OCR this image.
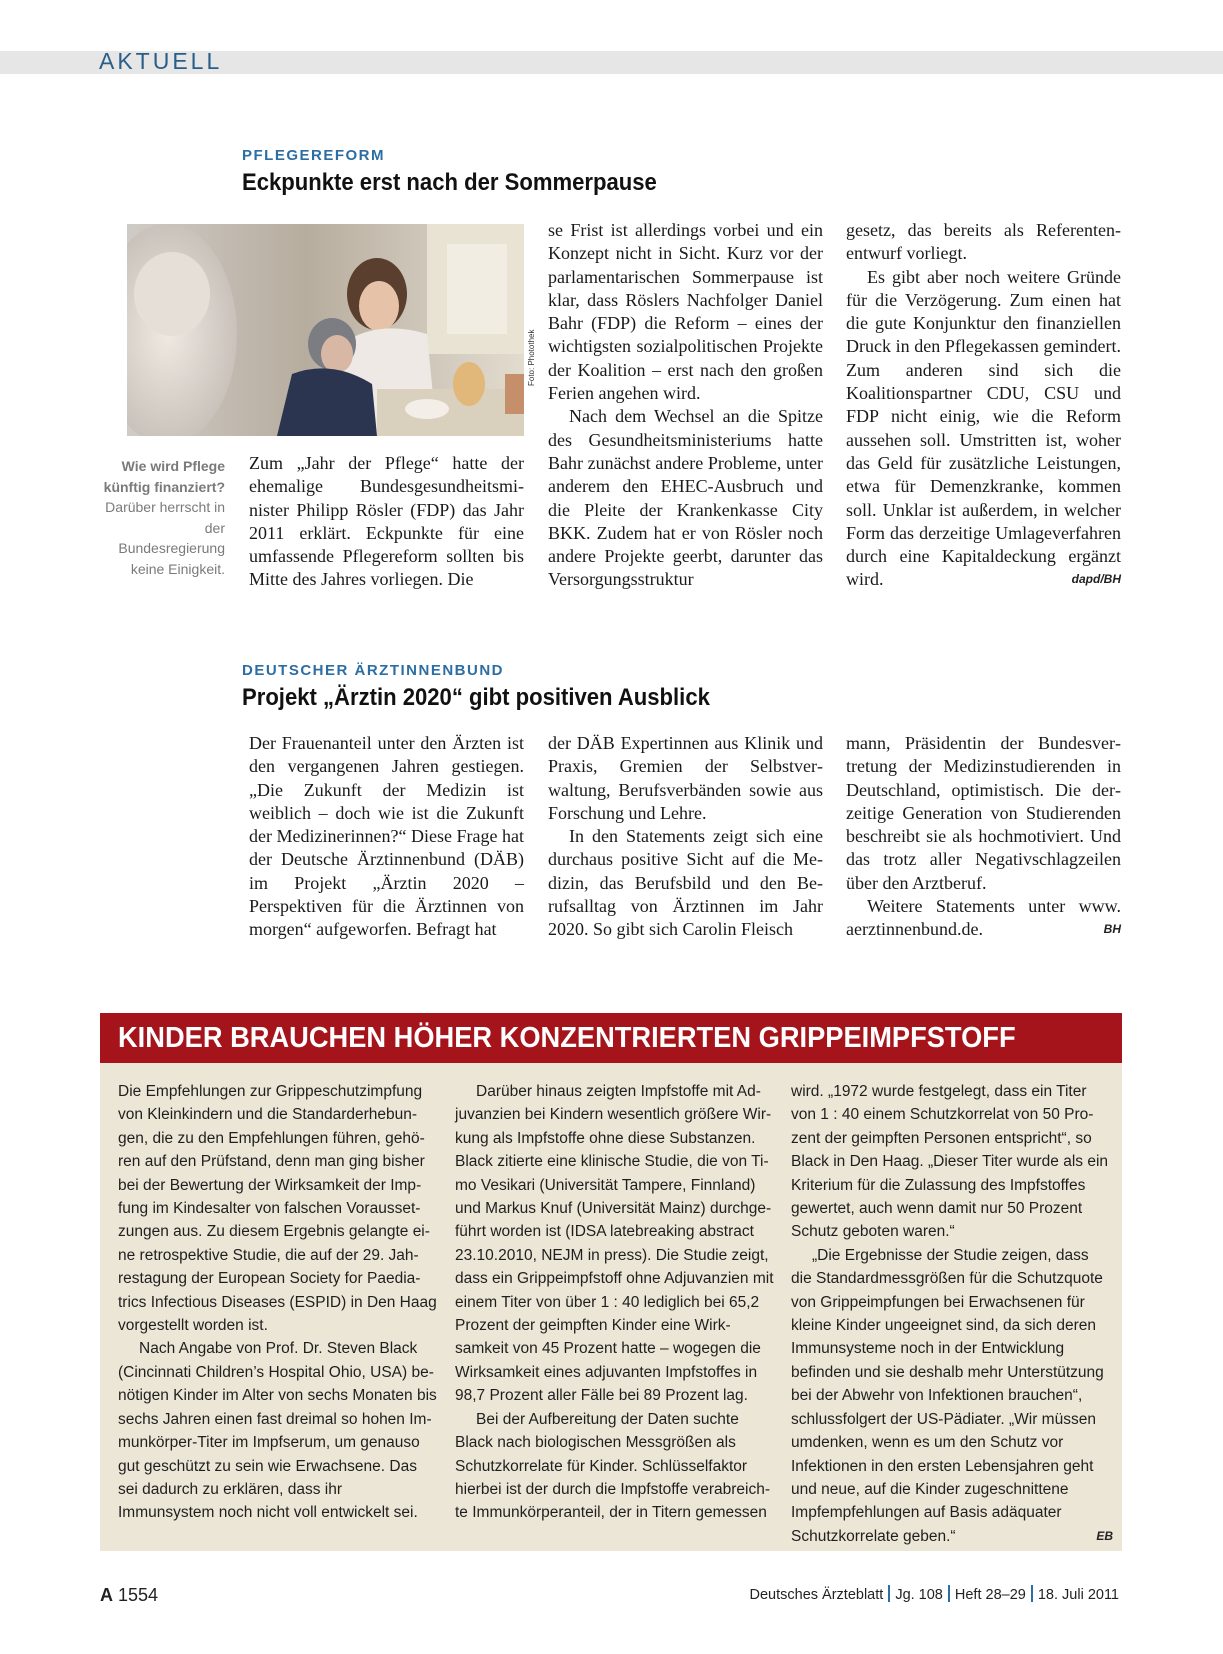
AKTUELL
PFLEGEREFORM
Eckpunkte erst nach der Sommerpause
Foto: Photothek
Wie wird Pflege künftig finanziert? Darüber herrscht in der Bundesregierung keine Einigkeit.

Zum „Jahr der Pflege“ hatte der ehemalige Bundesgesundheitsminister Philipp Rösler (FDP) das Jahr 2011 erklärt. Eckpunkte für eine umfassende Pflegereform sollten bis Mitte des Jahres vorliegen. Die

se Frist ist allerdings vorbei und ein Konzept nicht in Sicht. Kurz vor der parlamentarischen Sommerpause ist klar, dass Röslers Nachfolger Daniel Bahr (FDP) die Reform – eines der wichtigsten sozialpolitischen Projekte der Koalition – erst nach den großen Ferien angehen wird.

Nach dem Wechsel an die Spitze des Gesundheitsministeriums hatte Bahr zunächst andere Probleme, unter anderem den EHEC-Ausbruch und die Pleite der Krankenkasse City BKK. Zudem hat er von Rösler noch andere Projekte geerbt, darunter das Versorgungsstruktur

gesetz, das bereits als Referentenentwurf vorliegt.

Es gibt aber noch weitere Gründe für die Verzögerung. Zum einen hat die gute Konjunktur den finanziellen Druck in den Pflegekassen gemindert. Zum anderen sind sich die Koalitionspartner CDU, CSU und FDP nicht einig, wie die Reform aussehen soll. Umstritten ist, woher das Geld für zusätzliche Leistungen, etwa für Demenzkranke, kommen soll. Unklar ist außerdem, in welcher Form das derzeitige Umlageverfahren durch eine Kapitaldeckung ergänzt wird.	dapd/BH

DEUTSCHER ÄRZTINNENBUND
Projekt „Ärztin 2020“ gibt positiven Ausblick

Der Frauenanteil unter den Ärzten ist den vergangenen Jahren gestiegen. „Die Zukunft der Medizin ist weiblich – doch wie ist die Zukunft der Medizinerinnen?“ Diese Frage hat der Deutsche Ärztinnenbund (DÄB) im Projekt „Ärztin 2020 – Perspektiven für die Ärztinnen von morgen“ aufgeworfen. Befragt hat

der DÄB Expertinnen aus Klinik und Praxis, Gremien der Selbstverwaltung, Berufsverbänden sowie aus Forschung und Lehre.

In den Statements zeigt sich eine durchaus positive Sicht auf die Medizin, das Berufsbild und den Berufsalltag von Ärztinnen im Jahr 2020. So gibt sich Carolin Fleisch

mann, Präsidentin der Bundesvertretung der Medizinstudierenden in Deutschland, optimistisch. Die derzeitige Generation von Studierenden beschreibt sie als hochmotiviert. Und das trotz aller Negativschlagzeilen über den Arztberuf.

Weitere Statements unter www. aerztinnenbund.de.	BH

KINDER BRAUCHEN HÖHER KONZENTRIERTEN GRIPPEIMPFSTOFF

Die Empfehlungen zur Grippeschutzimpfung von Kleinkindern und die Standarderhebungen, die zu den Empfehlungen führen, gehören auf den Prüfstand, denn man ging bisher bei der Bewertung der Wirksamkeit der Impfung im Kindesalter von falschen Voraussetzungen aus. Zu diesem Ergebnis gelangte eine retrospektive Studie, die auf der 29. Jahrestagung der European Society for Paediatrics Infectious Diseases (ESPID) in Den Haag vorgestellt worden ist.

Nach Angabe von Prof. Dr. Steven Black (Cincinnati Children’s Hospital Ohio, USA) benötigen Kinder im Alter von sechs Monaten bis sechs Jahren einen fast dreimal so hohen Immunkörper-Titer im Impfserum, um genauso gut geschützt zu sein wie Erwachsene. Das sei dadurch zu erklären, dass ihr Immunsystem noch nicht voll entwickelt sei.

Darüber hinaus zeigten Impfstoffe mit Adjuvanzien bei Kindern wesentlich größere Wirkung als Impfstoffe ohne diese Substanzen. Black zitierte eine klinische Studie, die von Timo Vesikari (Universität Tampere, Finnland) und Markus Knuf (Universität Mainz) durchgeführt worden ist (IDSA latebreaking abstract 23.10.2010, NEJM in press). Die Studie zeigt, dass ein Grippeimpfstoff ohne Adjuvanzien mit einem Titer von über 1 : 40 lediglich bei 65,2 Prozent der geimpften Kinder eine Wirksamkeit von 45 Prozent hatte – wogegen die Wirksamkeit eines adjuvanten Impfstoffes in 98,7 Prozent aller Fälle bei 89 Prozent lag.

Bei der Aufbereitung der Daten suchte Black nach biologischen Messgrößen als Schutzkorrelate für Kinder. Schlüsselfaktor hierbei ist der durch die Impfstoffe verabreichte Immunkörperanteil, der in Titern gemessen

wird. „1972 wurde festgelegt, dass ein Titer von 1 : 40 einem Schutzkorrelat von 50 Prozent der geimpften Personen entspricht“, so Black in Den Haag. „Dieser Titer wurde als ein Kriterium für die Zulassung des Impfstoffes gewertet, auch wenn damit nur 50 Prozent Schutz geboten waren.“

„Die Ergebnisse der Studie zeigen, dass die Standardmessgrößen für die Schutzquote von Grippeimpfungen bei Erwachsenen für kleine Kinder ungeeignet sind, da sich deren Immunsysteme noch in der Entwicklung befinden und sie deshalb mehr Unterstützung bei der Abwehr von Infektionen brauchen“, schlussfolgert der US-Pädiater. „Wir müssen umdenken, wenn es um den Schutz vor Infektionen in den ersten Lebensjahren geht und neue, auf die Kinder zugeschnittene Impfempfehlungen auf Basis adäquater Schutzkorrelate geben.“	EB

A 1554	Deutsches Ärzteblatt Jg. 108 Heft 28–29 18. Juli 2011
